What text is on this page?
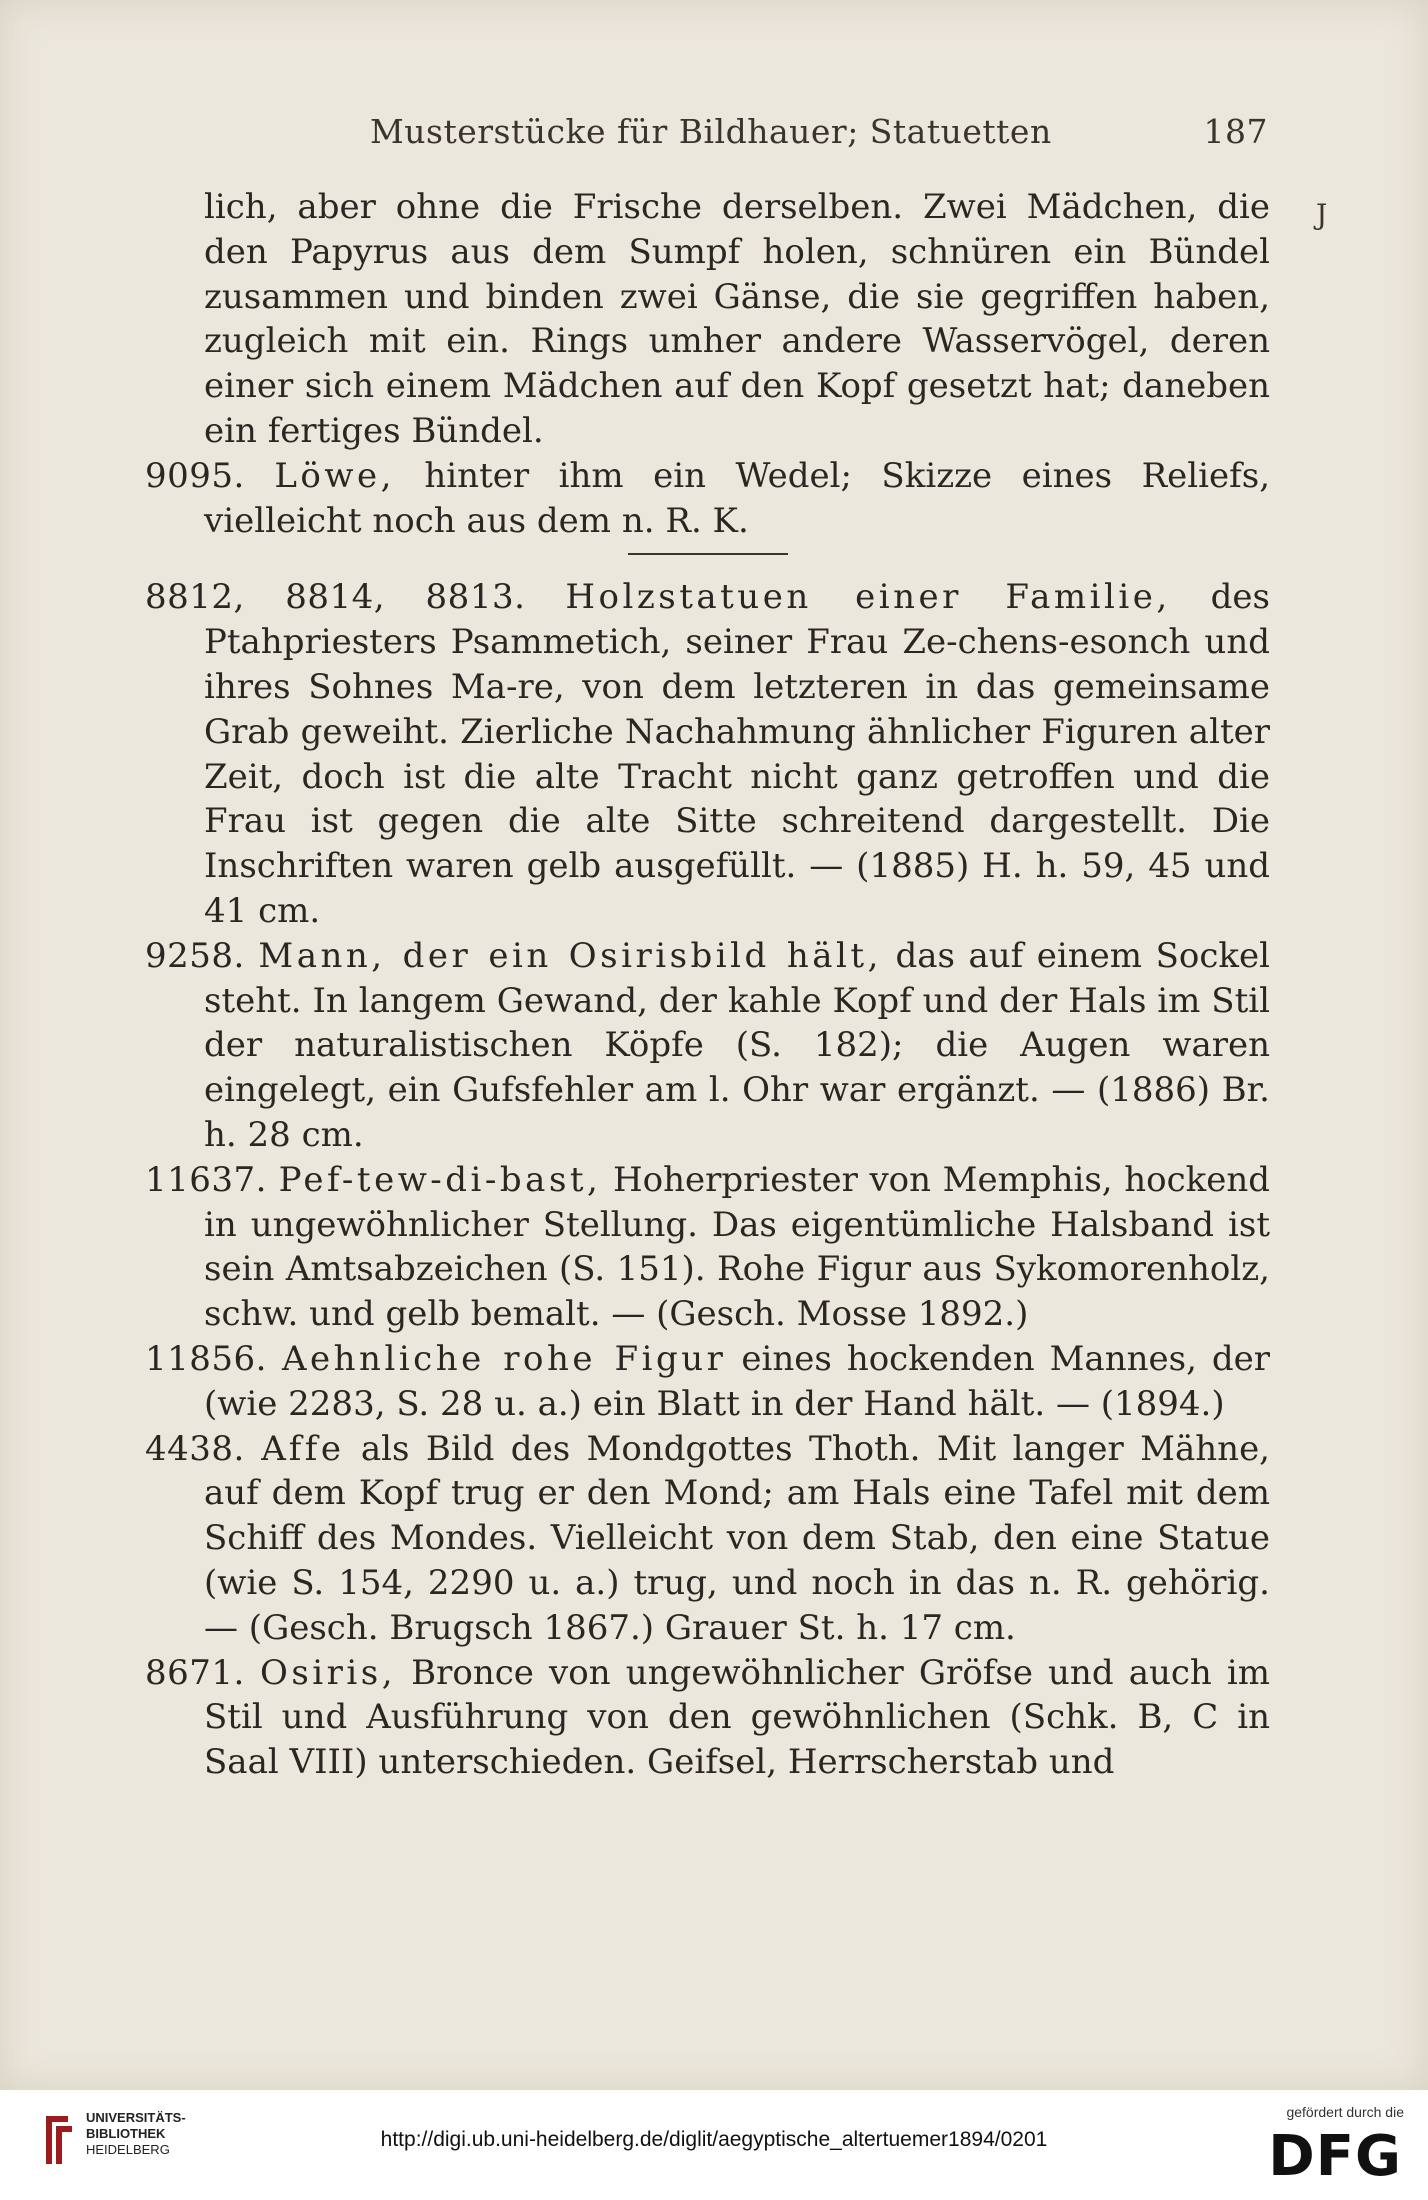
Musterstücke für Bildhauer; Statuetten	187
J

lich, aber ohne die Frische derselben. Zwei Mädchen, die den Papyrus aus dem Sumpf holen, schnüren ein Bündel zusammen und binden zwei Gänse, die sie gegriffen haben, zugleich mit ein. Rings umher andere Wasservögel, deren einer sich einem Mädchen auf den Kopf gesetzt hat; daneben ein fertiges Bündel.

9095. Löwe, hinter ihm ein Wedel; Skizze eines Reliefs, vielleicht noch aus dem n. R. K.

8812, 8814, 8813. Holzstatuen einer Familie, des Ptahpriesters Psammetich, seiner Frau Ze-chens-esonch und ihres Sohnes Ma-re, von dem letzteren in das gemeinsame Grab geweiht. Zierliche Nachahmung ähnlicher Figuren alter Zeit, doch ist die alte Tracht nicht ganz getroffen und die Frau ist gegen die alte Sitte schreitend dargestellt. Die Inschriften waren gelb ausgefüllt. — (1885) H. h. 59, 45 und 41 cm.

9258. Mann, der ein Osirisbild hält, das auf einem Sockel steht. In langem Gewand, der kahle Kopf und der Hals im Stil der naturalistischen Köpfe (S. 182); die Augen waren eingelegt, ein Gufsfehler am l. Ohr war ergänzt. — (1886) Br. h. 28 cm.

11637. Pef-tew-di-bast, Hoherpriester von Memphis, hockend in ungewöhnlicher Stellung. Das eigentümliche Halsband ist sein Amtsabzeichen (S. 151). Rohe Figur aus Sykomorenholz, schw. und gelb bemalt. — (Gesch. Mosse 1892.)

11856. Aehnliche rohe Figur eines hockenden Mannes, der (wie 2283, S. 28 u. a.) ein Blatt in der Hand hält. — (1894.)

4438. Affe als Bild des Mondgottes Thoth. Mit langer Mähne, auf dem Kopf trug er den Mond; am Hals eine Tafel mit dem Schiff des Mondes. Vielleicht von dem Stab, den eine Statue (wie S. 154, 2290 u. a.) trug, und noch in das n. R. gehörig. — (Gesch. Brugsch 1867.) Grauer St. h. 17 cm.

8671. Osiris, Bronce von ungewöhnlicher Gröfse und auch im Stil und Ausführung von den gewöhnlichen (Schk. B, C in Saal VIII) unterschieden. Geifsel, Herrscherstab und

UNIVERSITÄTS-
BIBLIOTHEK
HEIDELBERG	http://digi.ub.uni-heidelberg.de/diglit/aegyptische_altertuemer1894/0201
gefördert durch die
DFG
